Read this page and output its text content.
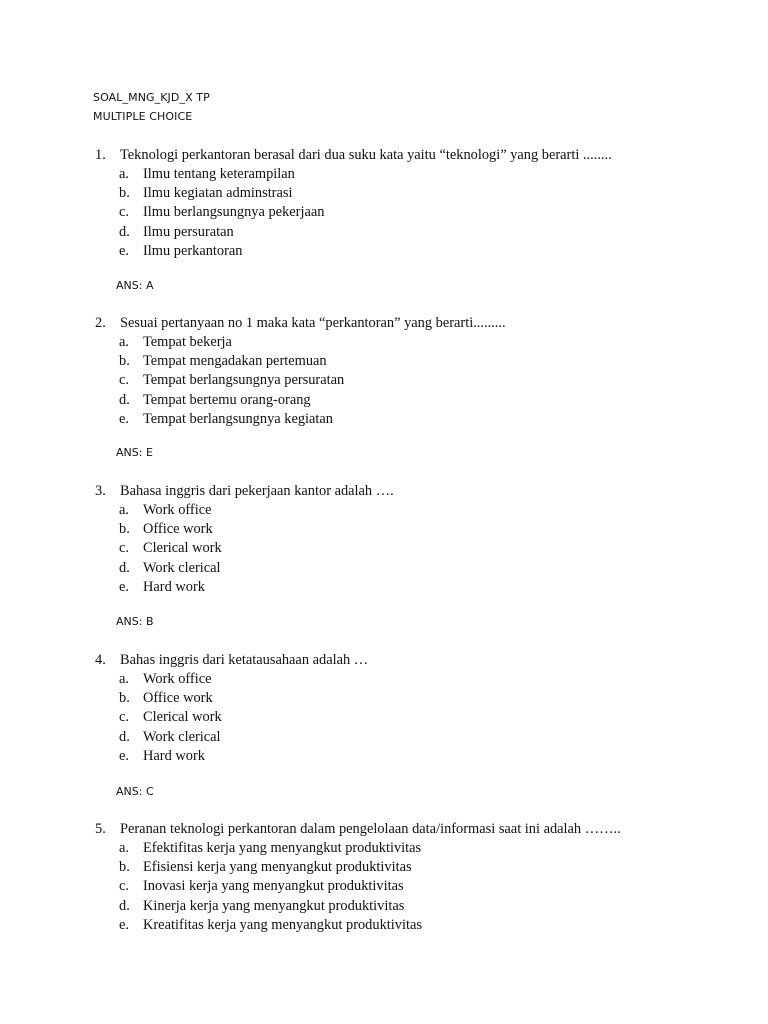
SOAL_MNG_KJD_X TP
MULTIPLE CHOICE
1. Teknologi perkantoran berasal dari dua suku kata yaitu “teknologi” yang berarti ........
a. Ilmu tentang keterampilan
b. Ilmu kegiatan adminstrasi
c. Ilmu berlangsungnya pekerjaan
d. Ilmu persuratan
e. Ilmu perkantoran
ANS: A
2. Sesuai pertanyaan no 1 maka kata “perkantoran” yang berarti.........
a. Tempat bekerja
b. Tempat mengadakan pertemuan
c. Tempat berlangsungnya persuratan
d. Tempat bertemu orang-orang
e. Tempat berlangsungnya kegiatan
ANS: E
3. Bahasa inggris dari pekerjaan kantor adalah ….
a. Work office
b. Office work
c. Clerical work
d. Work clerical
e. Hard work
ANS: B
4. Bahas inggris dari ketatausahaan adalah …
a. Work office
b. Office work
c. Clerical work
d. Work clerical
e. Hard work
ANS: C
5. Peranan teknologi perkantoran dalam pengelolaan data/informasi saat ini adalah ……..
a. Efektifitas kerja yang menyangkut produktivitas
b. Efisiensi kerja yang menyangkut produktivitas
c. Inovasi kerja yang menyangkut produktivitas
d. Kinerja kerja yang menyangkut produktivitas
e. Kreatifitas kerja yang menyangkut produktivitas
